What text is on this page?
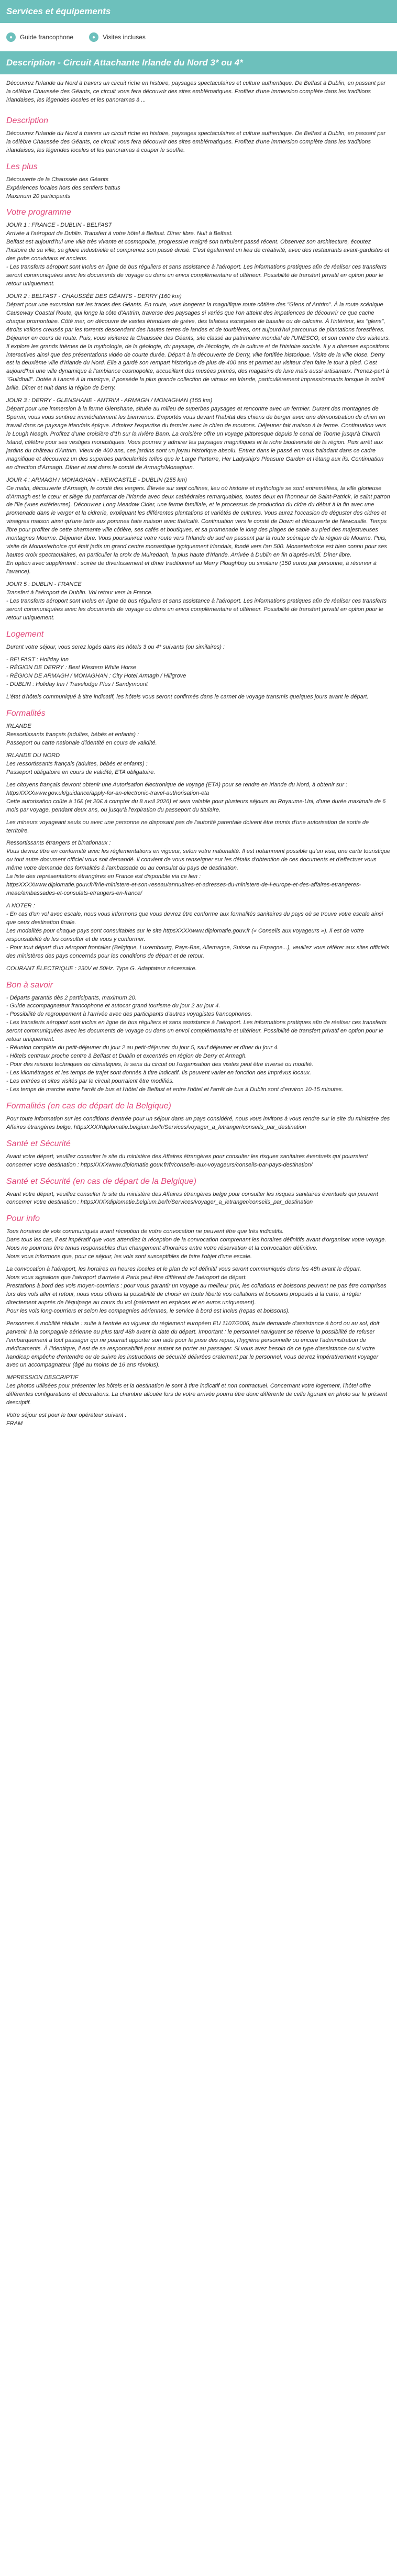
Services et équipements
●	Guide francophone	●	Visites incluses
Description - Circuit Attachante Irlande du Nord 3* ou 4*

Découvrez l'Irlande du Nord à travers un circuit riche en histoire, paysages spectaculaires et culture authentique. De Belfast à Dublin, en passant par la célèbre Chaussée des Géants, ce circuit vous fera découvrir des sites emblématiques. Profitez d'une immersion complète dans les traditions irlandaises, les légendes locales et les panoramas à ...

Description

Découvrez l'Irlande du Nord à travers un circuit riche en histoire, paysages spectaculaires et culture authentique. De Belfast à Dublin, en passant par la célèbre Chaussée des Géants, ce circuit vous fera découvrir des sites emblématiques. Profitez d'une immersion complète dans les traditions irlandaises, les légendes locales et les panoramas à couper le souffle.

Les plus

Découverte de la Chaussée des Géants
Expériences locales hors des sentiers battus
Maximum 20 participants

Votre programme

JOUR 1 : FRANCE - DUBLIN - BELFAST
Arrivée à l'aéroport de Dublin. Transfert à votre hôtel à Belfast. Dîner libre. Nuit à Belfast.
Belfast est aujourd'hui une ville très vivante et cosmopolite, progressive malgré son turbulent passé récent. Observez son architecture, écoutez l'histoire de sa ville, sa gloire industrielle et comprenez son passé divisé. C'est également un lieu de créativité, avec des restaurants avant-gardistes et des pubs conviviaux et anciens.
- Les transferts aéroport sont inclus en ligne de bus réguliers et sans assistance à l'aéroport. Les informations pratiques afin de réaliser ces transferts seront communiquées avec les documents de voyage ou dans un envoi complémentaire et ultérieur. Possibilité de transfert privatif en option pour le retour uniquement.

JOUR 2 : BELFAST - CHAUSSÉE DES GÉANTS - DERRY (160 km)
Départ pour une excursion sur les traces des Géants. En route, vous longerez la magnifique route côtière des "Glens of Antrim". À la route scénique Causeway Coastal Route, qui longe la côte d'Antrim, traverse des paysages si variés que l'on atteint des impatiences de découvrir ce que cache chaque promontoire. Côté mer, on découvre de vastes étendues de grève, des falaises escarpées de basalte ou de calcaire. À l'intérieur, les "glens", étroits vallons creusés par les torrents descendant des hautes terres de landes et de tourbières, ont aujourd'hui parcourus de plantations forestières. Déjeuner en cours de route. Puis, vous visiterez la Chaussée des Géants, site classé au patrimoine mondial de l'UNESCO, et son centre des visiteurs. Il explore les grands thèmes de la mythologie, de la géologie, du paysage, de l'écologie, de la culture et de l'histoire sociale. Il y a diverses expositions interactives ainsi que des présentations vidéo de courte durée. Départ à la découverte de Derry, ville fortifiée historique. Visite de la ville close. Derry est la deuxième ville d'Irlande du Nord. Elle a gardé son rempart historique de plus de 400 ans et permet au visiteur d'en faire le tour à pied. C'est aujourd'hui une ville dynamique à l'ambiance cosmopolite, accueillant des musées primés, des magasins de luxe mais aussi artisanaux. Prenez-part à "Guildhall". Dotée à l'ancré à la musique, il possède la plus grande collection de vitraux en Irlande, particulièrement impressionnants lorsque le soleil brille. Dîner et nuit dans la région de Derry.

JOUR 3 : DERRY - GLENSHANE - ANTRIM - ARMAGH / MONAGHAN (155 km)
Départ pour une immersion à la ferme Glenshane, située au milieu de superbes paysages et rencontre avec un fermier. Durant des montagnes de Sperrin, vous vous sentirez immédiatement les bienvenus. Emportés vous devant l'habitat des chiens de berger avec une démonstration de chien en travail dans ce paysage irlandais épique. Admirez l'expertise du fermier avec le chien de moutons. Déjeuner fait maison à la ferme. Continuation vers le Lough Neagh. Profitez d'une croisière d'1h sur la rivière Bann. La croisière offre un voyage pittoresque depuis le canal de Toome jusqu'à Church Island, célèbre pour ses vestiges monastiques. Vous pourrez y admirer les paysages magnifiques et la riche biodiversité de la région. Puis arrêt aux jardins du château d'Antrim. Vieux de 400 ans, ces jardins sont un joyau historique absolu. Entrez dans le passé en vous baladant dans ce cadre magnifique et découvrez un des superbes particularités telles que le Large Parterre, Her Ladyship's Pleasure Garden et l'étang aux ifs. Continuation en direction d'Armagh. Dîner et nuit dans le comté de Armagh/Monaghan.

JOUR 4 : ARMAGH / MONAGHAN - NEWCASTLE - DUBLIN (255 km)
Ce matin, découverte d'Armagh, le comté des vergers. Élevée sur sept collines, lieu où histoire et mythologie se sont entremêlées, la ville glorieuse d'Armagh est le cœur et siège du patriarcat de l'Irlande avec deux cathédrales remarquables, toutes deux en l'honneur de Saint-Patrick, le saint patron de l'île (vues extérieures). Découvrez Long Meadow Cider, une ferme familiale, et le processus de production du cidre du début à la fin avec une promenade dans le verger et la cidrerie, expliquant les différentes plantations et variétés de cultures. Vous aurez l'occasion de déguster des cidres et vinaigres maison ainsi qu'une tarte aux pommes faite maison avec thé/café. Continuation vers le comté de Down et découverte de Newcastle. Temps libre pour profiter de cette charmante ville côtière, ses cafés et boutiques, et sa promenade le long des plages de sable au pied des majestueuses montagnes Mourne. Déjeuner libre. Vous poursuivrez votre route vers l'Irlande du sud en passant par la route scénique de la région de Mourne. Puis, visite de Monasterboice qui était jadis un grand centre monastique typiquement irlandais, fondé vers l'an 500. Monasterboice est bien connu pour ses hautes croix spectaculaires, en particulier la croix de Muiredach, la plus haute d'Irlande. Arrivée à Dublin en fin d'après-midi. Dîner libre.
En option avec supplément : soirée de divertissement et dîner traditionnel au Merry Ploughboy ou similaire (150 euros par personne, à réserver à l'avance).

JOUR 5 : DUBLIN - FRANCE
Transfert à l'aéroport de Dublin. Vol retour vers la France.
- Les transferts aéroport sont inclus en ligne de bus réguliers et sans assistance à l'aéroport. Les informations pratiques afin de réaliser ces transferts seront communiquées avec les documents de voyage ou dans un envoi complémentaire et ultérieur. Possibilité de transfert privatif en option pour le retour uniquement.

Logement

Durant votre séjour, vous serez logés dans les hôtels 3 ou 4* suivants (ou similaires) :

- BELFAST : Holiday Inn
- RÉGION DE DERRY : Best Western White Horse
- RÉGION DE ARMAGH / MONAGHAN : City Hotel Armagh / Hillgrove
- DUBLIN : Holiday Inn / Travelodge Plus / Sandymount

L'état d'hôtels communiqué à titre indicatif, les hôtels vous seront confirmés dans le carnet de voyage transmis quelques jours avant le départ.

Formalités

IRLANDE
Ressortissants français (adultes, bébés et enfants) :
Passeport ou carte nationale d'identité en cours de validité.

IRLANDE DU NORD
Les ressortissants français (adultes, bébés et enfants) :
Passeport obligatoire en cours de validité, ETA obligatoire.

Les citoyens français devront obtenir une Autorisation électronique de voyage (ETA) pour se rendre en Irlande du Nord, à obtenir sur : httpsXXXXwww.gov.uk/guidance/apply-for-an-electronic-travel-authorisation-eta
Cette autorisation coûte à 16£ (et 20£ à compter du 8 avril 2026) et sera valable pour plusieurs séjours au Royaume-Uni, d'une durée maximale de 6 mois par voyage, pendant deux ans, ou jusqu'à l'expiration du passeport du titulaire.

Les mineurs voyageant seuls ou avec une personne ne disposant pas de l'autorité parentale doivent être munis d'une autorisation de sortie de territoire.

Ressortissants étrangers et binationaux :
Vous devrez être en conformité avec les réglementations en vigueur, selon votre nationalité. Il est notamment possible qu'un visa, une carte touristique ou tout autre document officiel vous soit demandé. Il convient de vous renseigner sur les détails d'obtention de ces documents et d'effectuer vous même votre demande des formalités à l'ambassade ou au consulat du pays de destination.
La liste des représentations étrangères en France est disponible via ce lien :
httpsXXXXwww.diplomatie.gouv.fr/fr/le-ministere-et-son-reseau/annuaires-et-adresses-du-ministere-de-l-europe-et-des-affaires-etrangeres-meae/ambassades-et-consulats-etrangers-en-france/

A NOTER :
- En cas d'un vol avec escale, nous vous informons que vous devrez être conforme aux formalités sanitaires du pays où se trouve votre escale ainsi que ceux destination finale.
Les modalités pour chaque pays sont consultables sur le site httpsXXXXwww.diplomatie.gouv.fr (« Conseils aux voyageurs »). Il est de votre responsabilité de les consulter et de vous y conformer.
- Pour tout départ d'un aéroport frontalier (Belgique, Luxembourg, Pays-Bas, Allemagne, Suisse ou Espagne...), veuillez vous référer aux sites officiels des ministères des pays concernés pour les conditions de départ et de retour.

COURANT ÉLECTRIQUE : 230V et 50Hz. Type G. Adaptateur nécessaire.

Bon à savoir

- Départs garantis dès 2 participants, maximum 20.
- Guide accompagnateur francophone et autocar grand tourisme du jour 2 au jour 4.
- Possibilité de regroupement à l'arrivée avec des participants d'autres voyagistes francophones.
- Les transferts aéroport sont inclus en ligne de bus réguliers et sans assistance à l'aéroport. Les informations pratiques afin de réaliser ces transferts seront communiquées avec les documents de voyage ou dans un envoi complémentaire et ultérieur. Possibilité de transfert privatif en option pour le retour uniquement.
- Réunion complète du petit-déjeuner du jour 2 au petit-déjeuner du jour 5, sauf déjeuner et dîner du jour 4.
- Hôtels centraux proche centre à Belfast et Dublin et excentrés en région de Derry et Armagh.
- Pour des raisons techniques ou climatiques, le sens du circuit ou l'organisation des visites peut être inversé ou modifié.
- Les kilométrages et les temps de trajet sont donnés à titre indicatif. Ils peuvent varier en fonction des imprévus locaux.
- Les entrées et sites visités par le circuit pourraient être modifiés.
- Les temps de marche entre l'arrêt de bus et l'hôtel de Belfast et entre l'hôtel et l'arrêt de bus à Dublin sont d'environ 10-15 minutes.

Formalités (en cas de départ de la Belgique)

Pour toute information sur les conditions d'entrée pour un séjour dans un pays considéré, nous vous invitons à vous rendre sur le site du ministère des Affaires étrangères belge, httpsXXXXdiplomatie.belgium.be/fr/Services/voyager_a_letranger/conseils_par_destination

Santé et Sécurité

Avant votre départ, veuillez consulter le site du ministère des Affaires étrangères pour consulter les risques sanitaires éventuels qui pourraient concerner votre destination : httpsXXXXwww.diplomatie.gouv.fr/fr/conseils-aux-voyageurs/conseils-par-pays-destination/

Santé et Sécurité (en cas de départ de la Belgique)

Avant votre départ, veuillez consulter le site du ministère des Affaires étrangères belge pour consulter les risques sanitaires éventuels qui peuvent concerner votre destination : httpsXXXXdiplomatie.belgium.be/fr/Services/voyager_a_letranger/conseils_par_destination

Pour info

Tous horaires de vols communiqués avant réception de votre convocation ne peuvent être que très indicatifs.
Dans tous les cas, il est impératif que vous attendiez la réception de la convocation comprenant les horaires définitifs avant d'organiser votre voyage.
Nous ne pourrons être tenus responsables d'un changement d'horaires entre votre réservation et la convocation définitive.
Nous vous informons que, pour ce séjour, les vols sont susceptibles de faire l'objet d'une escale.

La convocation à l'aéroport, les horaires en heures locales et le plan de vol définitif vous seront communiqués dans les 48h avant le départ.
Nous vous signalons que l'aéroport d'arrivée à Paris peut être différent de l'aéroport de départ.
Prestations à bord des vols moyen-courriers : pour vous garantir un voyage au meilleur prix, les collations et boissons peuvent ne pas être comprises lors des vols aller et retour, nous vous offrons la possibilité de choisir en toute liberté vos collations et boissons proposés à la carte, à régler directement auprès de l'équipage au cours du vol (paiement en espèces et en euros uniquement).
Pour les vols long-courriers et selon les compagnies aériennes, le service à bord est inclus (repas et boissons).

Personnes à mobilité réduite : suite à l'entrée en vigueur du règlement européen EU 1107/2006, toute demande d'assistance à bord ou au sol, doit parvenir à la compagnie aérienne au plus tard 48h avant la date du départ. Important : le personnel naviguant se réserve la possibilité de refuser l'embarquement à tout passager qui ne pourrait apporter son aide pour la prise des repas, l'hygiène personnelle ou encore l'administration de médicaments. À l'identique, il est de sa responsabilité pour autant se porter au passager. Si vous avez besoin de ce type d'assistance ou si votre handicap empêche d'entendre ou de suivre les instructions de sécurité délivrées oralement par le personnel, vous devrez impérativement voyager avec un accompagnateur (âgé au moins de 16 ans révolus).

IMPRESSION DESCRIPTIF
Les photos utilisées pour présenter les hôtels et la destination le sont à titre indicatif et non contractuel. Concernant votre logement, l'hôtel offre différentes configurations et décorations. La chambre allouée lors de votre arrivée pourra être donc différente de celle figurant en photo sur le présent descriptif.

Votre séjour est pour le tour opérateur suivant :
FRAM
